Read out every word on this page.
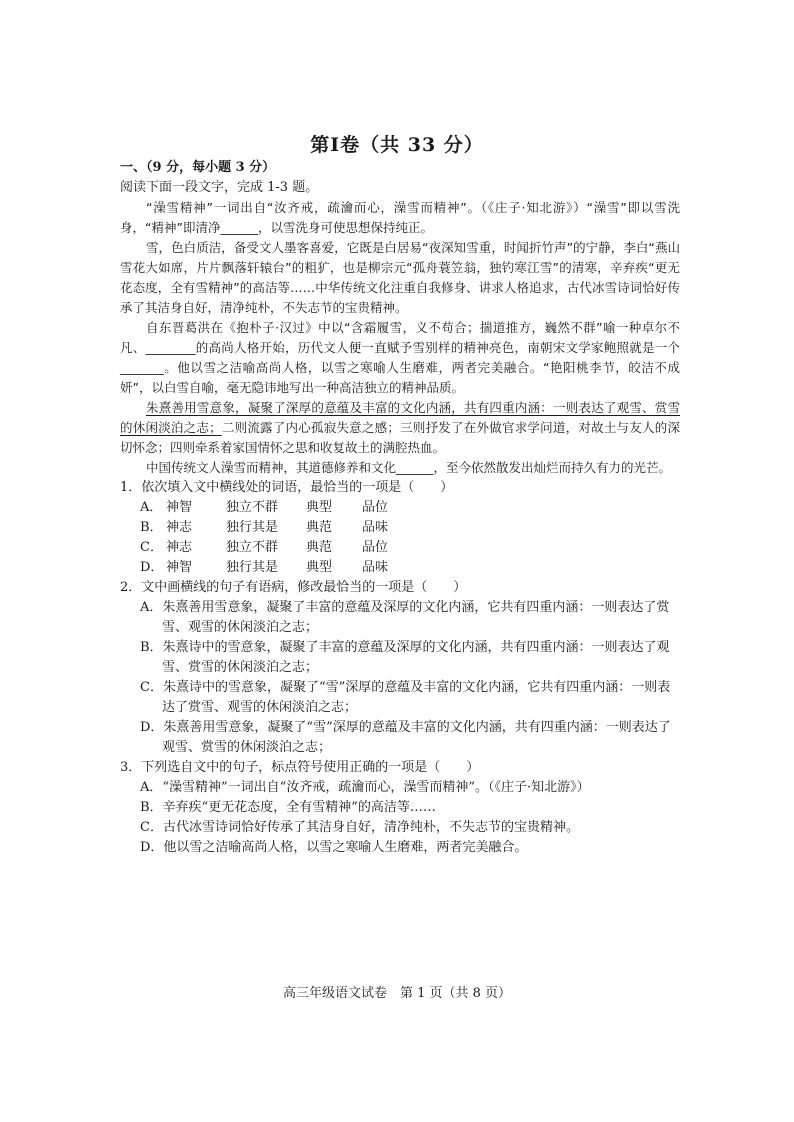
第Ⅰ卷（共 33 分）

一、（9 分，每小题 3 分）

阅读下面一段文字，完成 1-3 题。

“澡雪精神”一词出自“汝齐戒，疏瀹而心，澡雪而精神”。（《庄子·知北游》）“澡雪”即以雪洗身，“精神”即清净______，以雪洗身可使思想保持纯正。

雪，色白质洁，备受文人墨客喜爱，它既是白居易“夜深知雪重，时闻折竹声”的宁静，李白“燕山雪花大如席，片片飘落轩辕台”的粗犷，也是柳宗元“孤舟蓑笠翁，独钓寒江雪”的清寒，辛弃疾“更无花态度，全有雪精神”的高洁等……中华传统文化注重自我修身、讲求人格追求，古代冰雪诗词恰好传承了其洁身自好，清净纯朴，不失志节的宝贵精神。

自东晋葛洪在《抱朴子·汉过》中以“含霜履雪，义不苟合；揣道推方，巍然不群”喻一种卓尔不凡、________的高尚人格开始，历代文人便一直赋予雪别样的精神亮色，南朝宋文学家鲍照就是一个_______。他以雪之洁喻高尚人格，以雪之寒喻人生磨难，两者完美融合。“艳阳桃李节，皎洁不成妍”，以白雪自喻，毫无隐讳地写出一种高洁独立的精神品质。

朱熹善用雪意象，凝聚了深厚的意蕴及丰富的文化内涵，共有四重内涵：一则表达了观雪、赏雪的休闲淡泊之志；二则流露了内心孤寂失意之感；三则抒发了在外做官求学问道，对故土与友人的深切怀念；四则牵系着家国情怀之思和收复故土的满腔热血。

中国传统文人澡雪而精神，其道德修养和文化______，至今依然散发出灿烂而持久有力的光芒。

1．依次填入文中横线处的词语，最恰当的一项是（　　）

A． 神智	独立不群	典型	品位
B． 神志	独行其是	典范	品味
C． 神志	独立不群	典范	品位
D． 神智	独行其是	典型	品味

2．文中画横线的句子有语病，修改最恰当的一项是（　　）

A．朱熹善用雪意象，凝聚了丰富的意蕴及深厚的文化内涵，它共有四重内涵：一则表达了赏雪、观雪的休闲淡泊之志；

B．朱熹诗中的雪意象，凝聚了丰富的意蕴及深厚的文化内涵，共有四重内涵：一则表达了观雪、赏雪的休闲淡泊之志；

C．朱熹诗中的雪意象，凝聚了“雪”深厚的意蕴及丰富的文化内涵，它共有四重内涵：一则表达了赏雪、观雪的休闲淡泊之志；

D．朱熹善用雪意象，凝聚了“雪”深厚的意蕴及丰富的文化内涵，共有四重内涵：一则表达了观雪、赏雪的休闲淡泊之志；

3．下列选自文中的句子，标点符号使用正确的一项是（　　）

A．“澡雪精神”一词出自“汝齐戒，疏瀹而心，澡雪而精神”。（《庄子·知北游》）

B．辛弃疾“更无花态度，全有雪精神”的高洁等……

C．古代冰雪诗词恰好传承了其洁身自好，清净纯朴，不失志节的宝贵精神。

D．他以雪之洁喻高尚人格，以雪之寒喻人生磨难，两者完美融合。

高三年级语文试卷　第 1 页（共 8 页）
